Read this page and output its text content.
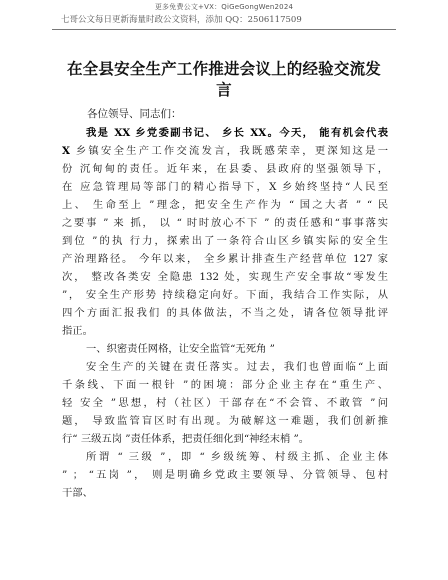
更多免费公文+VX：QiGeGongWen2024
七哥公文每日更新海量时政公文资料，添加 QQ：2506117509
在全县安全生产工作推进会议上的经验交流发
言
各位领导、同志们：
我是 XX 乡党委副书记、 乡长 XX。今天， 能有机会代表
X 乡镇安全生产工作交流发言，我既感荣幸，更深知这是一
份 沉甸甸的责任。近年来，在县委、县政府的坚强领导下，
在 应急管理局等部门的精心指导下，X 乡始终坚持“人民至
上、 生命至上 ”理念，把安全生产作为 “ 国之大者 ” “ 民
之要事 ” 来 抓， 以 “ 时时放心不下 ” 的责任感和“事事落实
到位 ”的执 行力，探索出了一条符合山区乡镇实际的安全生
产治理路径。 今年以来， 全乡累计排查生产经营单位 127 家
次， 整改各类安 全隐患 132 处，实现生产安全事故“零发生
”， 安全生产形势 持续稳定向好。下面，我结合工作实际，从
四个方面汇报我们 的具体做法，不当之处，请各位领导批评
指正。
一、织密责任网格，让安全监管“无死角 ”
安全生产的关键在责任落实。过去，我们也曾面临“上面
千条线、下面一根针 ”的困境：部分企业主存在“重生产、
轻 安全 ”思想，村（社区）干部存在“不会管、不敢管 ”问
题， 导致监管盲区时有出现。为破解这一难题，我们创新推
行“ 三级五岗 ”责任体系，把责任细化到“神经末梢 ”。
所谓 “ 三级 ”，即 “ 乡级统筹、村级主抓、企业主体
” ； “五岗 ”， 则是明确乡党政主要领导、分管领导、包村
干部、
